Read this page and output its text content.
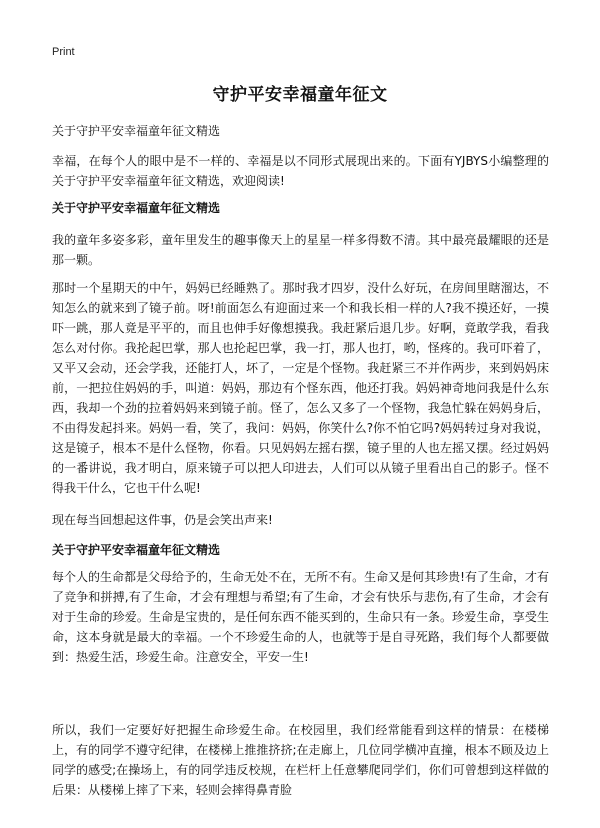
Print
守护平安幸福童年征文

关于守护平安幸福童年征文精选

幸福，在每个人的眼中是不一样的、幸福是以不同形式展现出来的。下面有YJBYS小编整理的关于守护平安幸福童年征文精选，欢迎阅读!

关于守护平安幸福童年征文精选

我的童年多姿多彩，童年里发生的趣事像天上的星星一样多得数不清。其中最亮最耀眼的还是那一颗。

那时一个星期天的中午，妈妈已经睡熟了。那时我才四岁，没什么好玩，在房间里瞎溜达，不知怎么的就来到了镜子前。呀!前面怎么有迎面过来一个和我长相一样的人?我不摸还好，一摸吓一跳，那人竟是平平的，而且也伸手好像想摸我。我赶紧后退几步。好啊，竟敢学我，看我怎么对付你。我抡起巴掌，那人也抡起巴掌，我一打，那人也打，哟，怪疼的。我可吓着了，又平又会动，还会学我，还能打人，坏了，一定是个怪物。我赶紧三不并作两步，来到妈妈床前，一把拉住妈妈的手，叫道：妈妈，那边有个怪东西，他还打我。妈妈神奇地问我是什么东西，我却一个劲的拉着妈妈来到镜子前。怪了，怎么又多了一个怪物，我急忙躲在妈妈身后，不由得发起抖来。妈妈一看，笑了，我问：妈妈，你笑什么?你不怕它吗?妈妈转过身对我说，这是镜子，根本不是什么怪物，你看。只见妈妈左摇右摆，镜子里的人也左摇又摆。经过妈妈的一番讲说，我才明白，原来镜子可以把人印进去，人们可以从镜子里看出自己的影子。怪不得我干什么，它也干什么呢!

现在每当回想起这件事，仍是会笑出声来!

关于守护平安幸福童年征文精选

每个人的生命都是父母给予的，生命无处不在，无所不有。生命又是何其珍贵!有了生命，才有了竞争和拼搏,有了生命，才会有理想与希望;有了生命，才会有快乐与悲伤,有了生命，才会有对于生命的珍爱。生命是宝贵的，是任何东西不能买到的，生命只有一条。珍爱生命，享受生命，这本身就是最大的幸福。一个不珍爱生命的人，也就等于是自寻死路，我们每个人都要做到：热爱生活，珍爱生命。注意安全，平安一生!

所以，我们一定要好好把握生命珍爱生命。在校园里，我们经常能看到这样的情景：在楼梯上，有的同学不遵守纪律，在楼梯上推推挤挤;在走廊上，几位同学横冲直撞，根本不顾及边上同学的感受;在操场上，有的同学违反校规，在栏杆上任意攀爬同学们，你们可曾想到这样做的后果：从楼梯上摔了下来，轻则会摔得鼻青脸
